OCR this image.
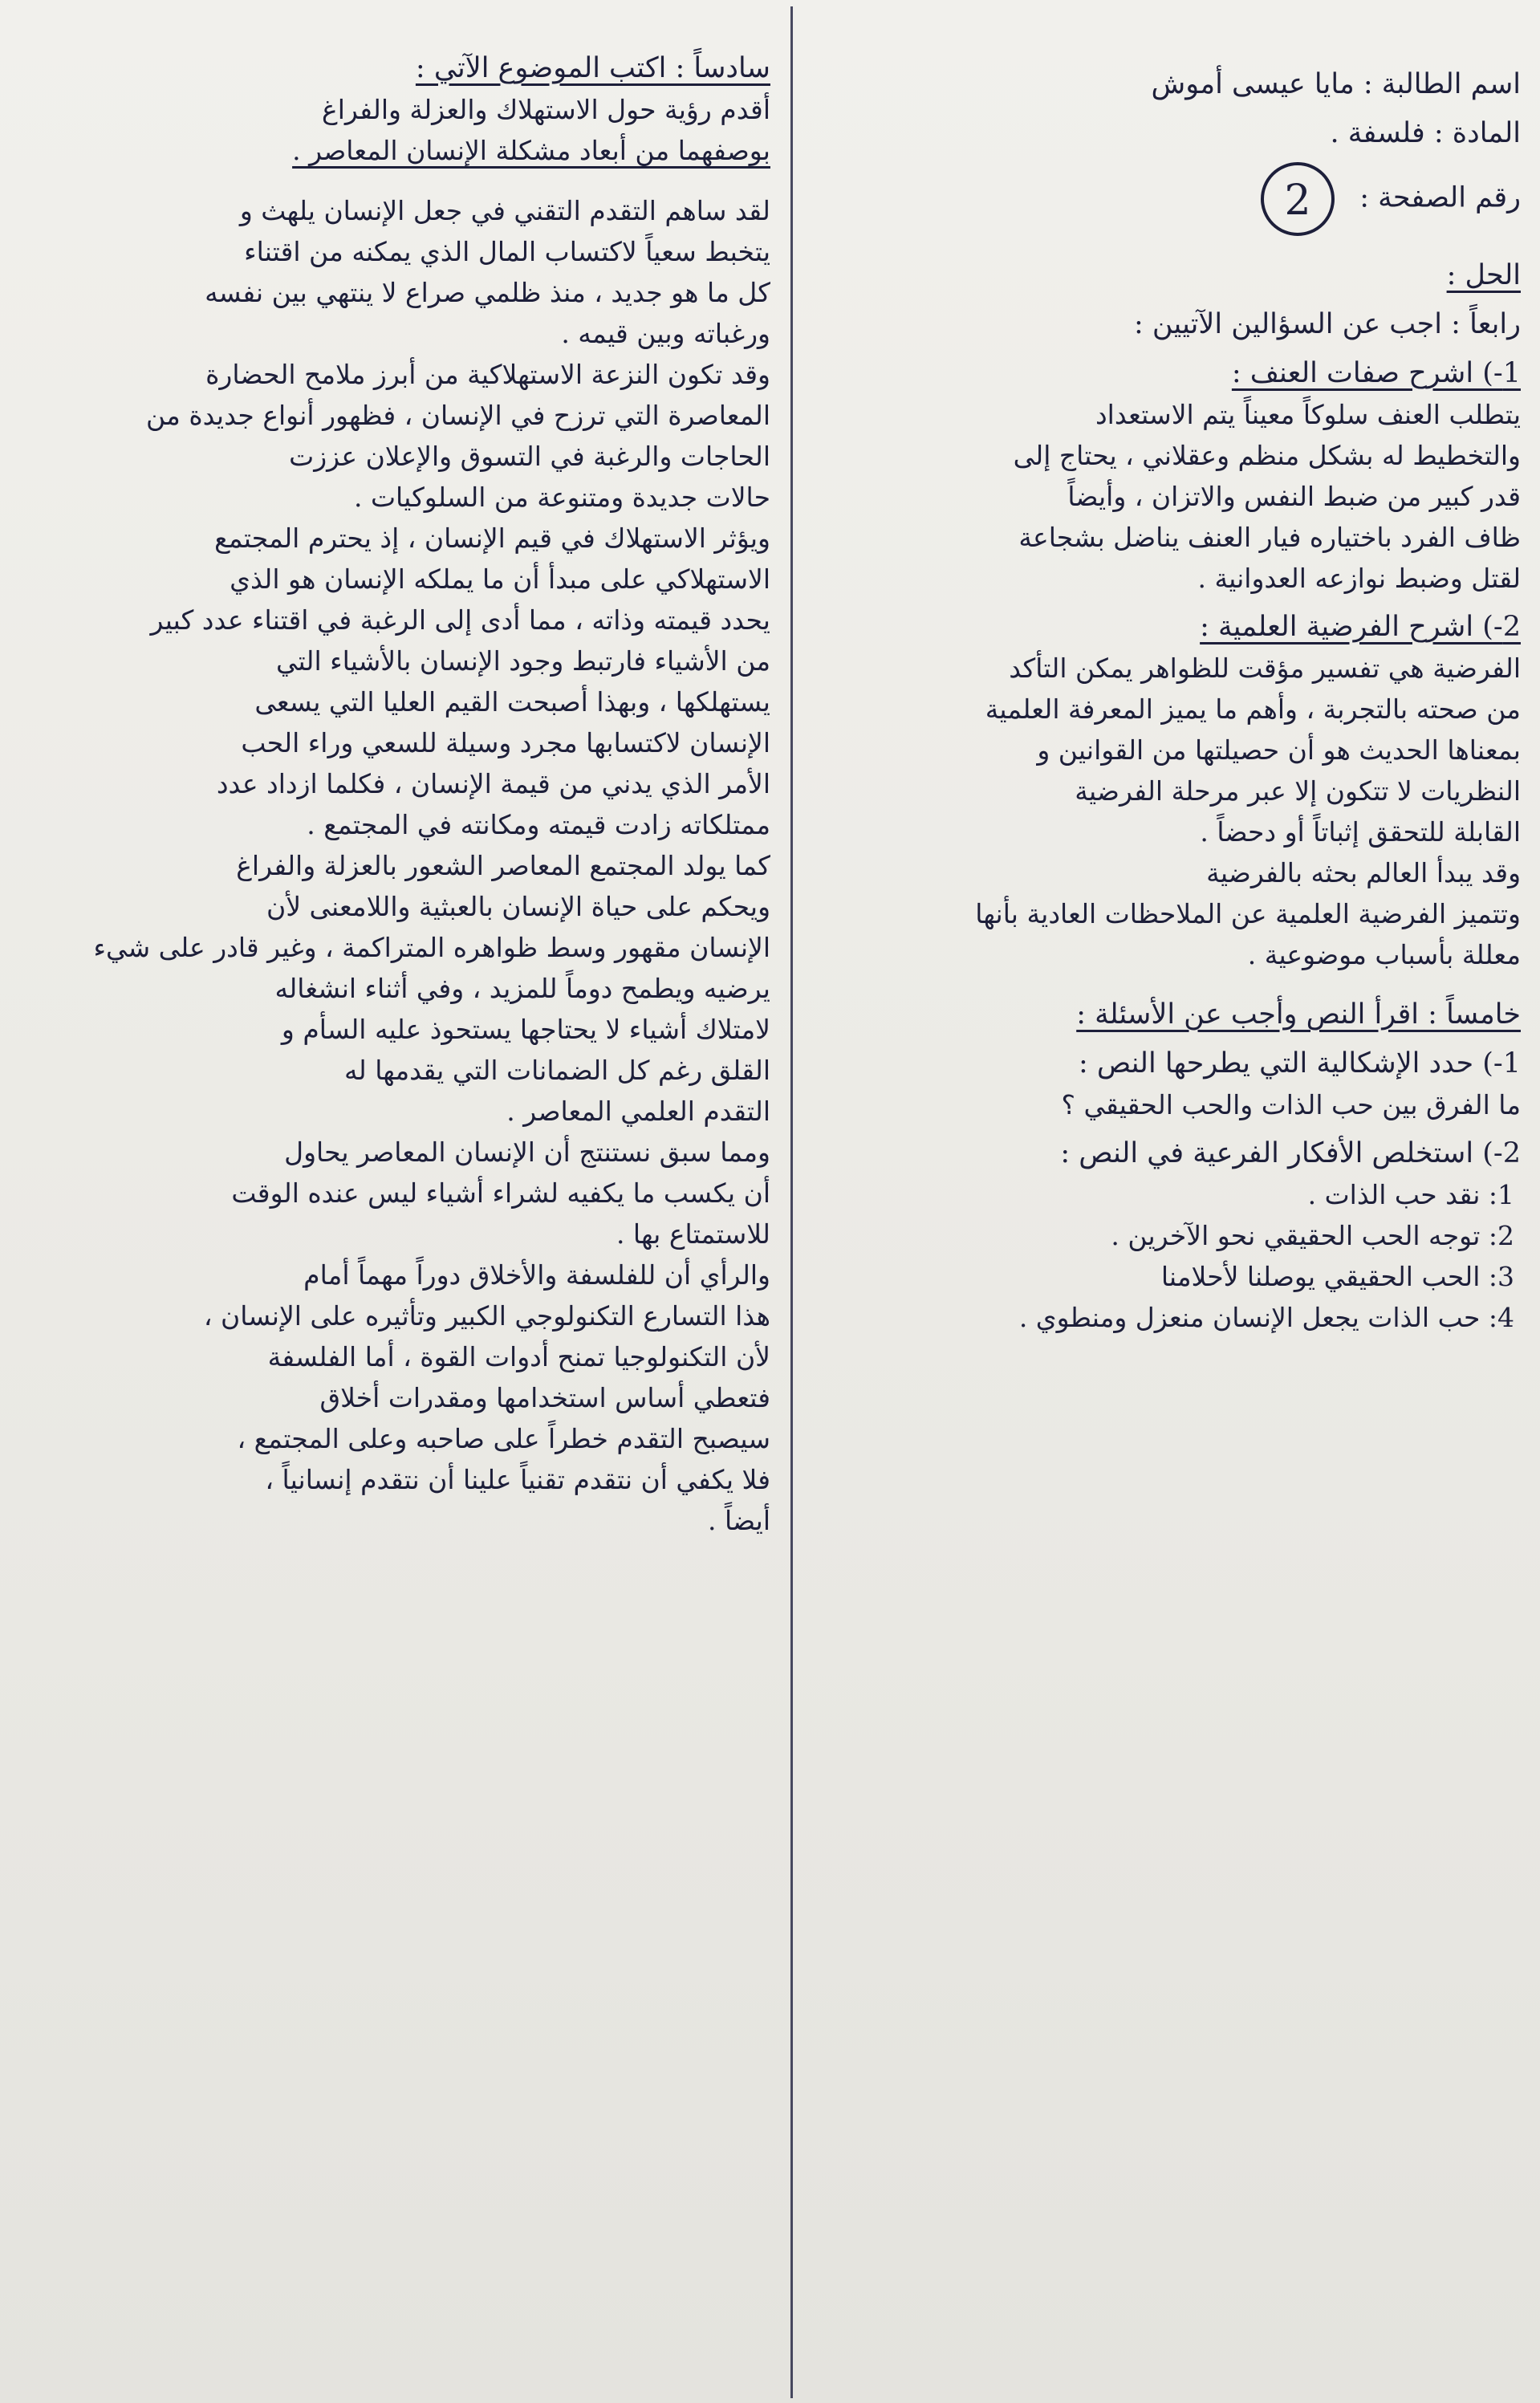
اسم الطالبة : مايا عيسى أموش

المادة : فلسفة .

رقم الصفحة : 2

الحل :

رابعاً : اجب عن السؤالين الآتيين :

1-) اشرح صفات العنف :

يتطلب العنف سلوكاً معيناً يتم الاستعداد

والتخطيط له بشكل منظم وعقلاني ، يحتاج إلى

قدر كبير من ضبط النفس والاتزان ، وأيضاً

ظاف الفرد باختياره فيار العنف يناضل بشجاعة

لقتل وضبط نوازعه العدوانية .

2-) اشرح الفرضية العلمية :

الفرضية هي تفسير مؤقت للظواهر يمكن التأكد

من صحته بالتجربة ، وأهم ما يميز المعرفة العلمية

بمعناها الحديث هو أن حصيلتها من القوانين و

النظريات لا تتكون إلا عبر مرحلة الفرضية

القابلة للتحقق إثباتاً أو دحضاً .

وقد يبدأ العالم بحثه بالفرضية

وتتميز الفرضية العلمية عن الملاحظات العادية بأنها

معللة بأسباب موضوعية .

خامساً : اقرأ النص وأجب عن الأسئلة :

1-) حدد الإشكالية التي يطرحها النص :

ما الفرق بين حب الذات والحب الحقيقي ؟

2-) استخلص الأفكار الفرعية في النص :

1: نقد حب الذات .

2: توجه الحب الحقيقي نحو الآخرين .

3: الحب الحقيقي يوصلنا لأحلامنا

4: حب الذات يجعل الإنسان منعزل ومنطوي .

سادساً : اكتب الموضوع الآتي :

أقدم رؤية حول الاستهلاك والعزلة والفراغ

بوصفهما من أبعاد مشكلة الإنسان المعاصر .

لقد ساهم التقدم التقني في جعل الإنسان يلهث و

يتخبط سعياً لاكتساب المال الذي يمكنه من اقتناء

كل ما هو جديد ، منذ ظلمي صراع لا ينتهي بين نفسه

ورغباته وبين قيمه .

وقد تكون النزعة الاستهلاكية من أبرز ملامح الحضارة

المعاصرة التي ترزح في الإنسان ، فظهور أنواع جديدة من

الحاجات والرغبة في التسوق والإعلان عززت

حالات جديدة ومتنوعة من السلوكيات .

ويؤثر الاستهلاك في قيم الإنسان ، إذ يحترم المجتمع

الاستهلاكي على مبدأ أن ما يملكه الإنسان هو الذي

يحدد قيمته وذاته ، مما أدى إلى الرغبة في اقتناء عدد كبير

من الأشياء فارتبط وجود الإنسان بالأشياء التي

يستهلكها ، وبهذا أصبحت القيم العليا التي يسعى

الإنسان لاكتسابها مجرد وسيلة للسعي وراء الحب

الأمر الذي يدني من قيمة الإنسان ، فكلما ازداد عدد

ممتلكاته زادت قيمته ومكانته في المجتمع .

كما يولد المجتمع المعاصر الشعور بالعزلة والفراغ

ويحكم على حياة الإنسان بالعبثية واللامعنى لأن

الإنسان مقهور وسط ظواهره المتراكمة ، وغير قادر على شيء

يرضيه ويطمح دوماً للمزيد ، وفي أثناء انشغاله

لامتلاك أشياء لا يحتاجها يستحوذ عليه السأم و

القلق رغم كل الضمانات التي يقدمها له

التقدم العلمي المعاصر .

ومما سبق نستنتج أن الإنسان المعاصر يحاول

أن يكسب ما يكفيه لشراء أشياء ليس عنده الوقت

للاستمتاع بها .

والرأي أن للفلسفة والأخلاق دوراً مهماً أمام

هذا التسارع التكنولوجي الكبير وتأثيره على الإنسان ،

لأن التكنولوجيا تمنح أدوات القوة ، أما الفلسفة

فتعطي أساس استخدامها ومقدرات أخلاق

سيصبح التقدم خطراً على صاحبه وعلى المجتمع ،

فلا يكفي أن نتقدم تقنياً علينا أن نتقدم إنسانياً ،

أيضاً .
